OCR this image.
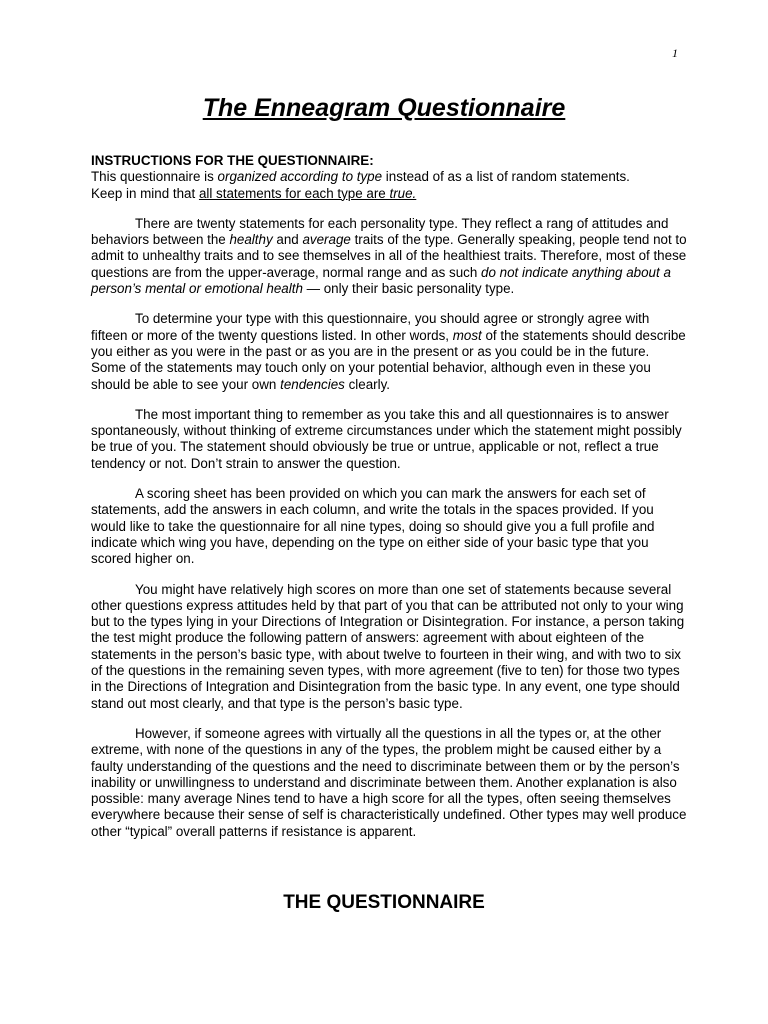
1
The Enneagram Questionnaire

INSTRUCTIONS FOR THE QUESTIONNAIRE:
This questionnaire is organized according to type instead of as a list of random statements.
Keep in mind that all statements for each type are true.

There are twenty statements for each personality type. They reflect a rang of attitudes and behaviors between the healthy and average traits of the type. Generally speaking, people tend not to admit to unhealthy traits and to see themselves in all of the healthiest traits. Therefore, most of these questions are from the upper-average, normal range and as such do not indicate anything about a person’s mental or emotional health — only their basic personality type.

To determine your type with this questionnaire, you should agree or strongly agree with fifteen or more of the twenty questions listed. In other words, most of the statements should describe you either as you were in the past or as you are in the present or as you could be in the future. Some of the statements may touch only on your potential behavior, although even in these you should be able to see your own tendencies clearly.

The most important thing to remember as you take this and all questionnaires is to answer spontaneously, without thinking of extreme circumstances under which the statement might possibly be true of you. The statement should obviously be true or untrue, applicable or not, reflect a true tendency or not. Don’t strain to answer the question.

A scoring sheet has been provided on which you can mark the answers for each set of statements, add the answers in each column, and write the totals in the spaces provided. If you would like to take the questionnaire for all nine types, doing so should give you a full profile and indicate which wing you have, depending on the type on either side of your basic type that you scored higher on.

You might have relatively high scores on more than one set of statements because several other questions express attitudes held by that part of you that can be attributed not only to your wing but to the types lying in your Directions of Integration or Disintegration. For instance, a person taking the test might produce the following pattern of answers: agreement with about eighteen of the statements in the person’s basic type, with about twelve to fourteen in their wing, and with two to six of the questions in the remaining seven types, with more agreement (five to ten) for those two types in the Directions of Integration and Disintegration from the basic type. In any event, one type should stand out most clearly, and that type is the person’s basic type.

However, if someone agrees with virtually all the questions in all the types or, at the other extreme, with none of the questions in any of the types, the problem might be caused either by a faulty understanding of the questions and the need to discriminate between them or by the person’s inability or unwillingness to understand and discriminate between them. Another explanation is also possible: many average Nines tend to have a high score for all the types, often seeing themselves everywhere because their sense of self is characteristically undefined. Other types may well produce other “typical” overall patterns if resistance is apparent.

THE QUESTIONNAIRE
